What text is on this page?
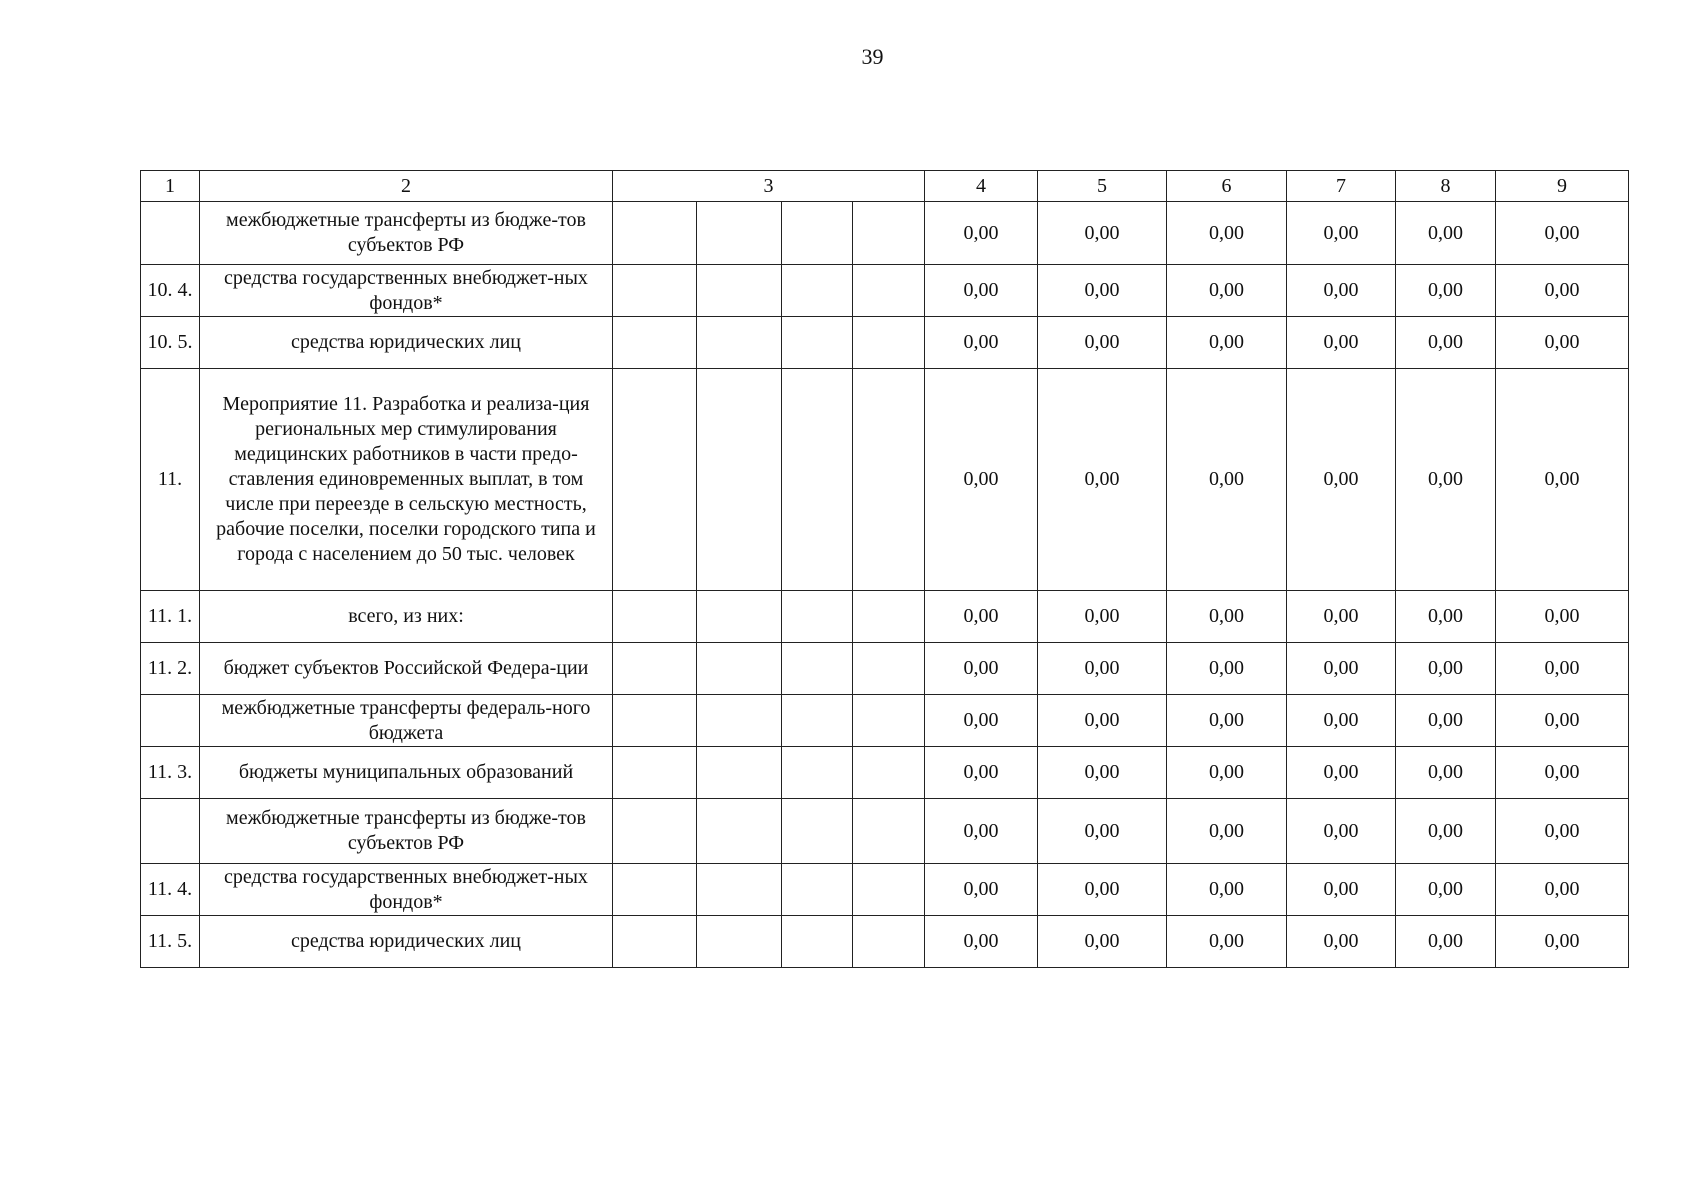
39
1	2	3				4	5	6	7	8	9
	межбюджетные трансферты из бюдже-тов субъектов РФ					0,00	0,00	0,00	0,00	0,00	0,00
10. 4.	средства государственных внебюджет-ных фондов*					0,00	0,00	0,00	0,00	0,00	0,00
10. 5.	средства юридических лиц					0,00	0,00	0,00	0,00	0,00	0,00
11.	Мероприятие 11. Разработка и реализа-ция региональных мер стимулирования медицинских работников в части предо-ставления единовременных выплат, в том числе при переезде в сельскую местность, рабочие поселки, поселки городского типа и города с населением до 50 тыс. человек					0,00	0,00	0,00	0,00	0,00	0,00
11. 1.	всего, из них:					0,00	0,00	0,00	0,00	0,00	0,00
11. 2.	бюджет субъектов Российской Федера-ции					0,00	0,00	0,00	0,00	0,00	0,00
	межбюджетные трансферты федераль-ного бюджета					0,00	0,00	0,00	0,00	0,00	0,00
11. 3.	бюджеты муниципальных образований					0,00	0,00	0,00	0,00	0,00	0,00
	межбюджетные трансферты из бюдже-тов субъектов РФ					0,00	0,00	0,00	0,00	0,00	0,00
11. 4.	средства государственных внебюджет-ных фондов*					0,00	0,00	0,00	0,00	0,00	0,00
11. 5.	средства юридических лиц					0,00	0,00	0,00	0,00	0,00	0,00
